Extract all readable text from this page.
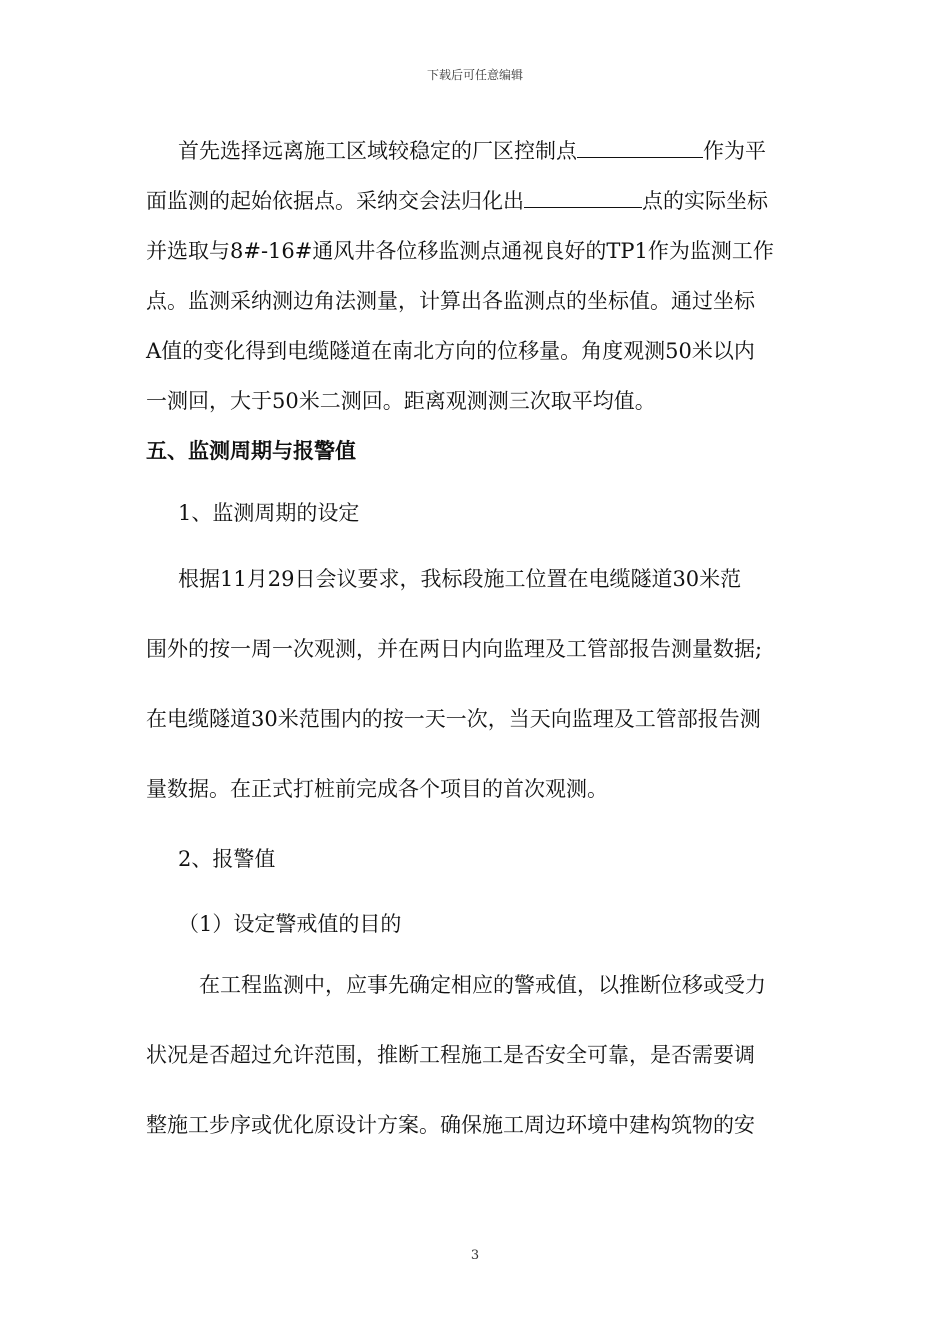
下载后可任意编辑
首先选择远离施工区域较稳定的厂区控制点	作为平
面监测的起始依据点。采纳交会法归化出	点的实际坐标
并选取与8#-16#通风井各位移监测点通视良好的TP1作为监测工作
点。监测采纳测边角法测量，计算出各监测点的坐标值。通过坐标
A值的变化得到电缆隧道在南北方向的位移量。角度观测50米以内
一测回，大于50米二测回。距离观测测三次取平均值。
五、监测周期与报警值
1、监测周期的设定
根据11月29日会议要求，我标段施工位置在电缆隧道30米范
围外的按一周一次观测，并在两日内向监理及工管部报告测量数据;
在电缆隧道30米范围内的按一天一次，当天向监理及工管部报告测
量数据。在正式打桩前完成各个项目的首次观测。
2、报警值
（1）设定警戒值的目的
在工程监测中，应事先确定相应的警戒值，以推断位移或受力
状况是否超过允许范围，推断工程施工是否安全可靠，是否需要调
整施工步序或优化原设计方案。确保施工周边环境中建构筑物的安
3
